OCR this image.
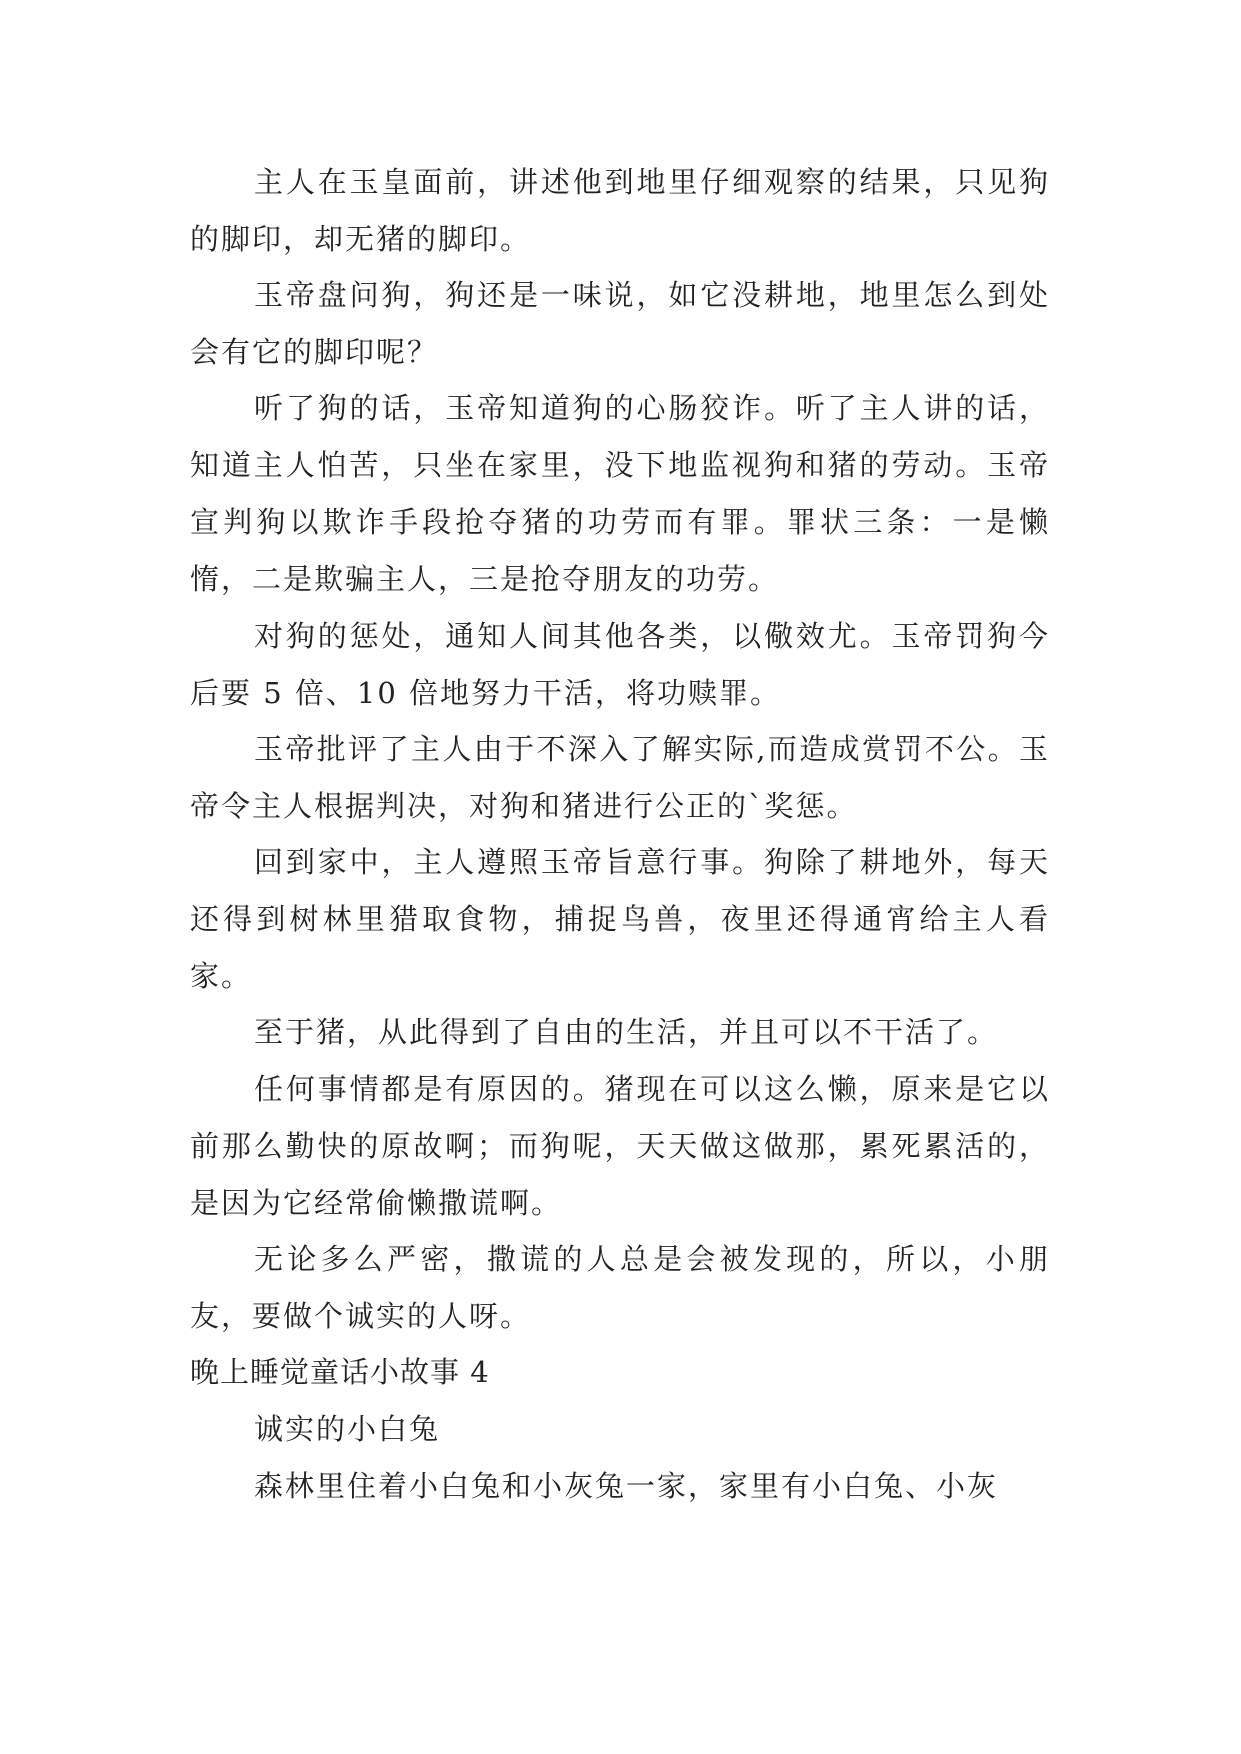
主人在玉皇面前，讲述他到地里仔细观察的结果，只见狗的脚印，却无猪的脚印。

玉帝盘问狗，狗还是一味说，如它没耕地，地里怎么到处会有它的脚印呢？

听了狗的话，玉帝知道狗的心肠狡诈。听了主人讲的话，知道主人怕苦，只坐在家里，没下地监视狗和猪的劳动。玉帝宣判狗以欺诈手段抢夺猪的功劳而有罪。罪状三条：一是懒惰，二是欺骗主人，三是抢夺朋友的功劳。

对狗的惩处，通知人间其他各类，以儆效尤。玉帝罚狗今后要 5 倍、10 倍地努力干活，将功赎罪。

玉帝批评了主人由于不深入了解实际,而造成赏罚不公。玉帝令主人根据判决，对狗和猪进行公正的`奖惩。

回到家中，主人遵照玉帝旨意行事。狗除了耕地外，每天还得到树林里猎取食物，捕捉鸟兽，夜里还得通宵给主人看家。

至于猪，从此得到了自由的生活，并且可以不干活了。

任何事情都是有原因的。猪现在可以这么懒，原来是它以前那么勤快的原故啊；而狗呢，天天做这做那，累死累活的，是因为它经常偷懒撒谎啊。

无论多么严密，撒谎的人总是会被发现的，所以，小朋友，要做个诚实的人呀。

晚上睡觉童话小故事 4

诚实的小白兔

森林里住着小白兔和小灰兔一家，家里有小白兔、小灰
